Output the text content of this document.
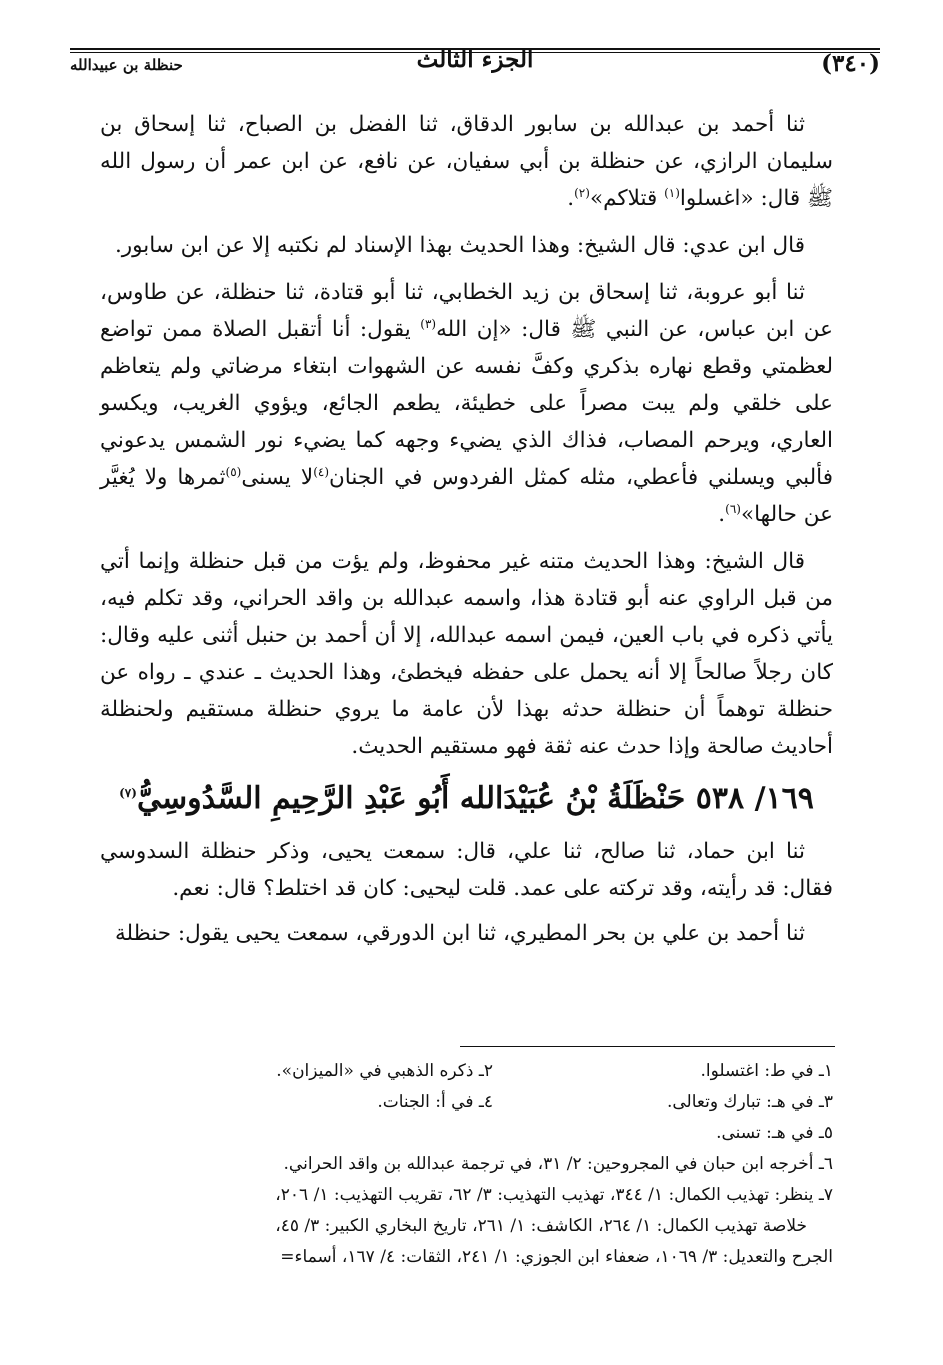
(٣٤٠)
الجزء الثالث
حنظلة بن عبيدالله

ثنا أحمد بن عبدالله بن سابور الدقاق، ثنا الفضل بن الصباح، ثنا إسحاق بن سليمان الرازي، عن حنظلة بن أبي سفيان، عن نافع، عن ابن عمر أن رسول الله ﷺ قال: «اغسلوا$^{(١)}$ قتلاكم»$^{(٢)}$.

قال ابن عدي: قال الشيخ: وهذا الحديث بهذا الإسناد لم نكتبه إلا عن ابن سابور.

ثنا أبو عروبة، ثنا إسحاق بن زيد الخطابي، ثنا أبو قتادة، ثنا حنظلة، عن طاوس، عن ابن عباس، عن النبي ﷺ قال: «إن الله$^{(٣)}$ يقول: أنا أتقبل الصلاة ممن تواضع لعظمتي وقطع نهاره بذكري وكفَّ نفسه عن الشهوات ابتغاء مرضاتي ولم يتعاظم على خلقي ولم يبت مصراً على خطيئة، يطعم الجائع، ويؤوي الغريب، ويكسو العاري، ويرحم المصاب، فذاك الذي يضيء وجهه كما يضيء نور الشمس يدعوني فألبي ويسلني فأعطي، مثله كمثل الفردوس في الجنان$^{(٤)}$لا يسنى$^{(٥)}$ثمرها ولا يُغيَّر عن حالها»$^{(٦)}$.

قال الشيخ: وهذا الحديث متنه غير محفوظ، ولم يؤت من قبل حنظلة وإنما أتي من قبل الراوي عنه أبو قتادة هذا، واسمه عبدالله بن واقد الحراني، وقد تكلم فيه، يأتي ذكره في باب العين، فيمن اسمه عبدالله، إلا أن أحمد بن حنبل أثنى عليه وقال: كان رجلاً صالحاً إلا أنه يحمل على حفظه فيخطئ، وهذا الحديث ـ عندي ـ رواه عن حنظلة توهماً أن حنظلة حدثه بهذا لأن عامة ما يروي حنظلة مستقيم ولحنظلة أحاديث صالحة وإذا حدث عنه ثقة فهو مستقيم الحديث.

١٦٩/ ٥٣٨ حَنْظَلَةُ بْنُ عُبَيْدَالله أَبُو عَبْدِ الرَّحِيمِ السَّدُوسِيُّ$^{(٧)}$

ثنا ابن حماد، ثنا صالح، ثنا علي، قال: سمعت يحيى، وذكر حنظلة السدوسي فقال: قد رأيته، وقد تركته على عمد. قلت ليحيى: كان قد اختلط؟ قال: نعم.

ثنا أحمد بن علي بن بحر المطيري، ثنا ابن الدورقي، سمعت يحيى يقول: حنظلة

١ـ في ط: اغتسلوا.
٢ـ ذكره الذهبي في «الميزان».
٣ـ في هـ: تبارك وتعالى.
٤ـ في أ: الجنات.
٥ـ في هـ: تسنى.

٦ـ أخرجه ابن حبان في المجروحين: ٢/ ٣١، في ترجمة عبدالله بن واقد الحراني.

٧ـ ينظر: تهذيب الكمال: ١/ ٣٤٤، تهذيب التهذيب: ٣/ ٦٢، تقريب التهذيب: ١/ ٢٠٦،

خلاصة تهذيب الكمال: ١/ ٢٦٤، الكاشف: ١/ ٢٦١، تاريخ البخاري الكبير: ٣/ ٤٥،

الجرح والتعديل: ٣/ ١٠٦٩، ضعفاء ابن الجوزي: ١/ ٢٤١، الثقات: ٤/ ١٦٧، أسماء=
